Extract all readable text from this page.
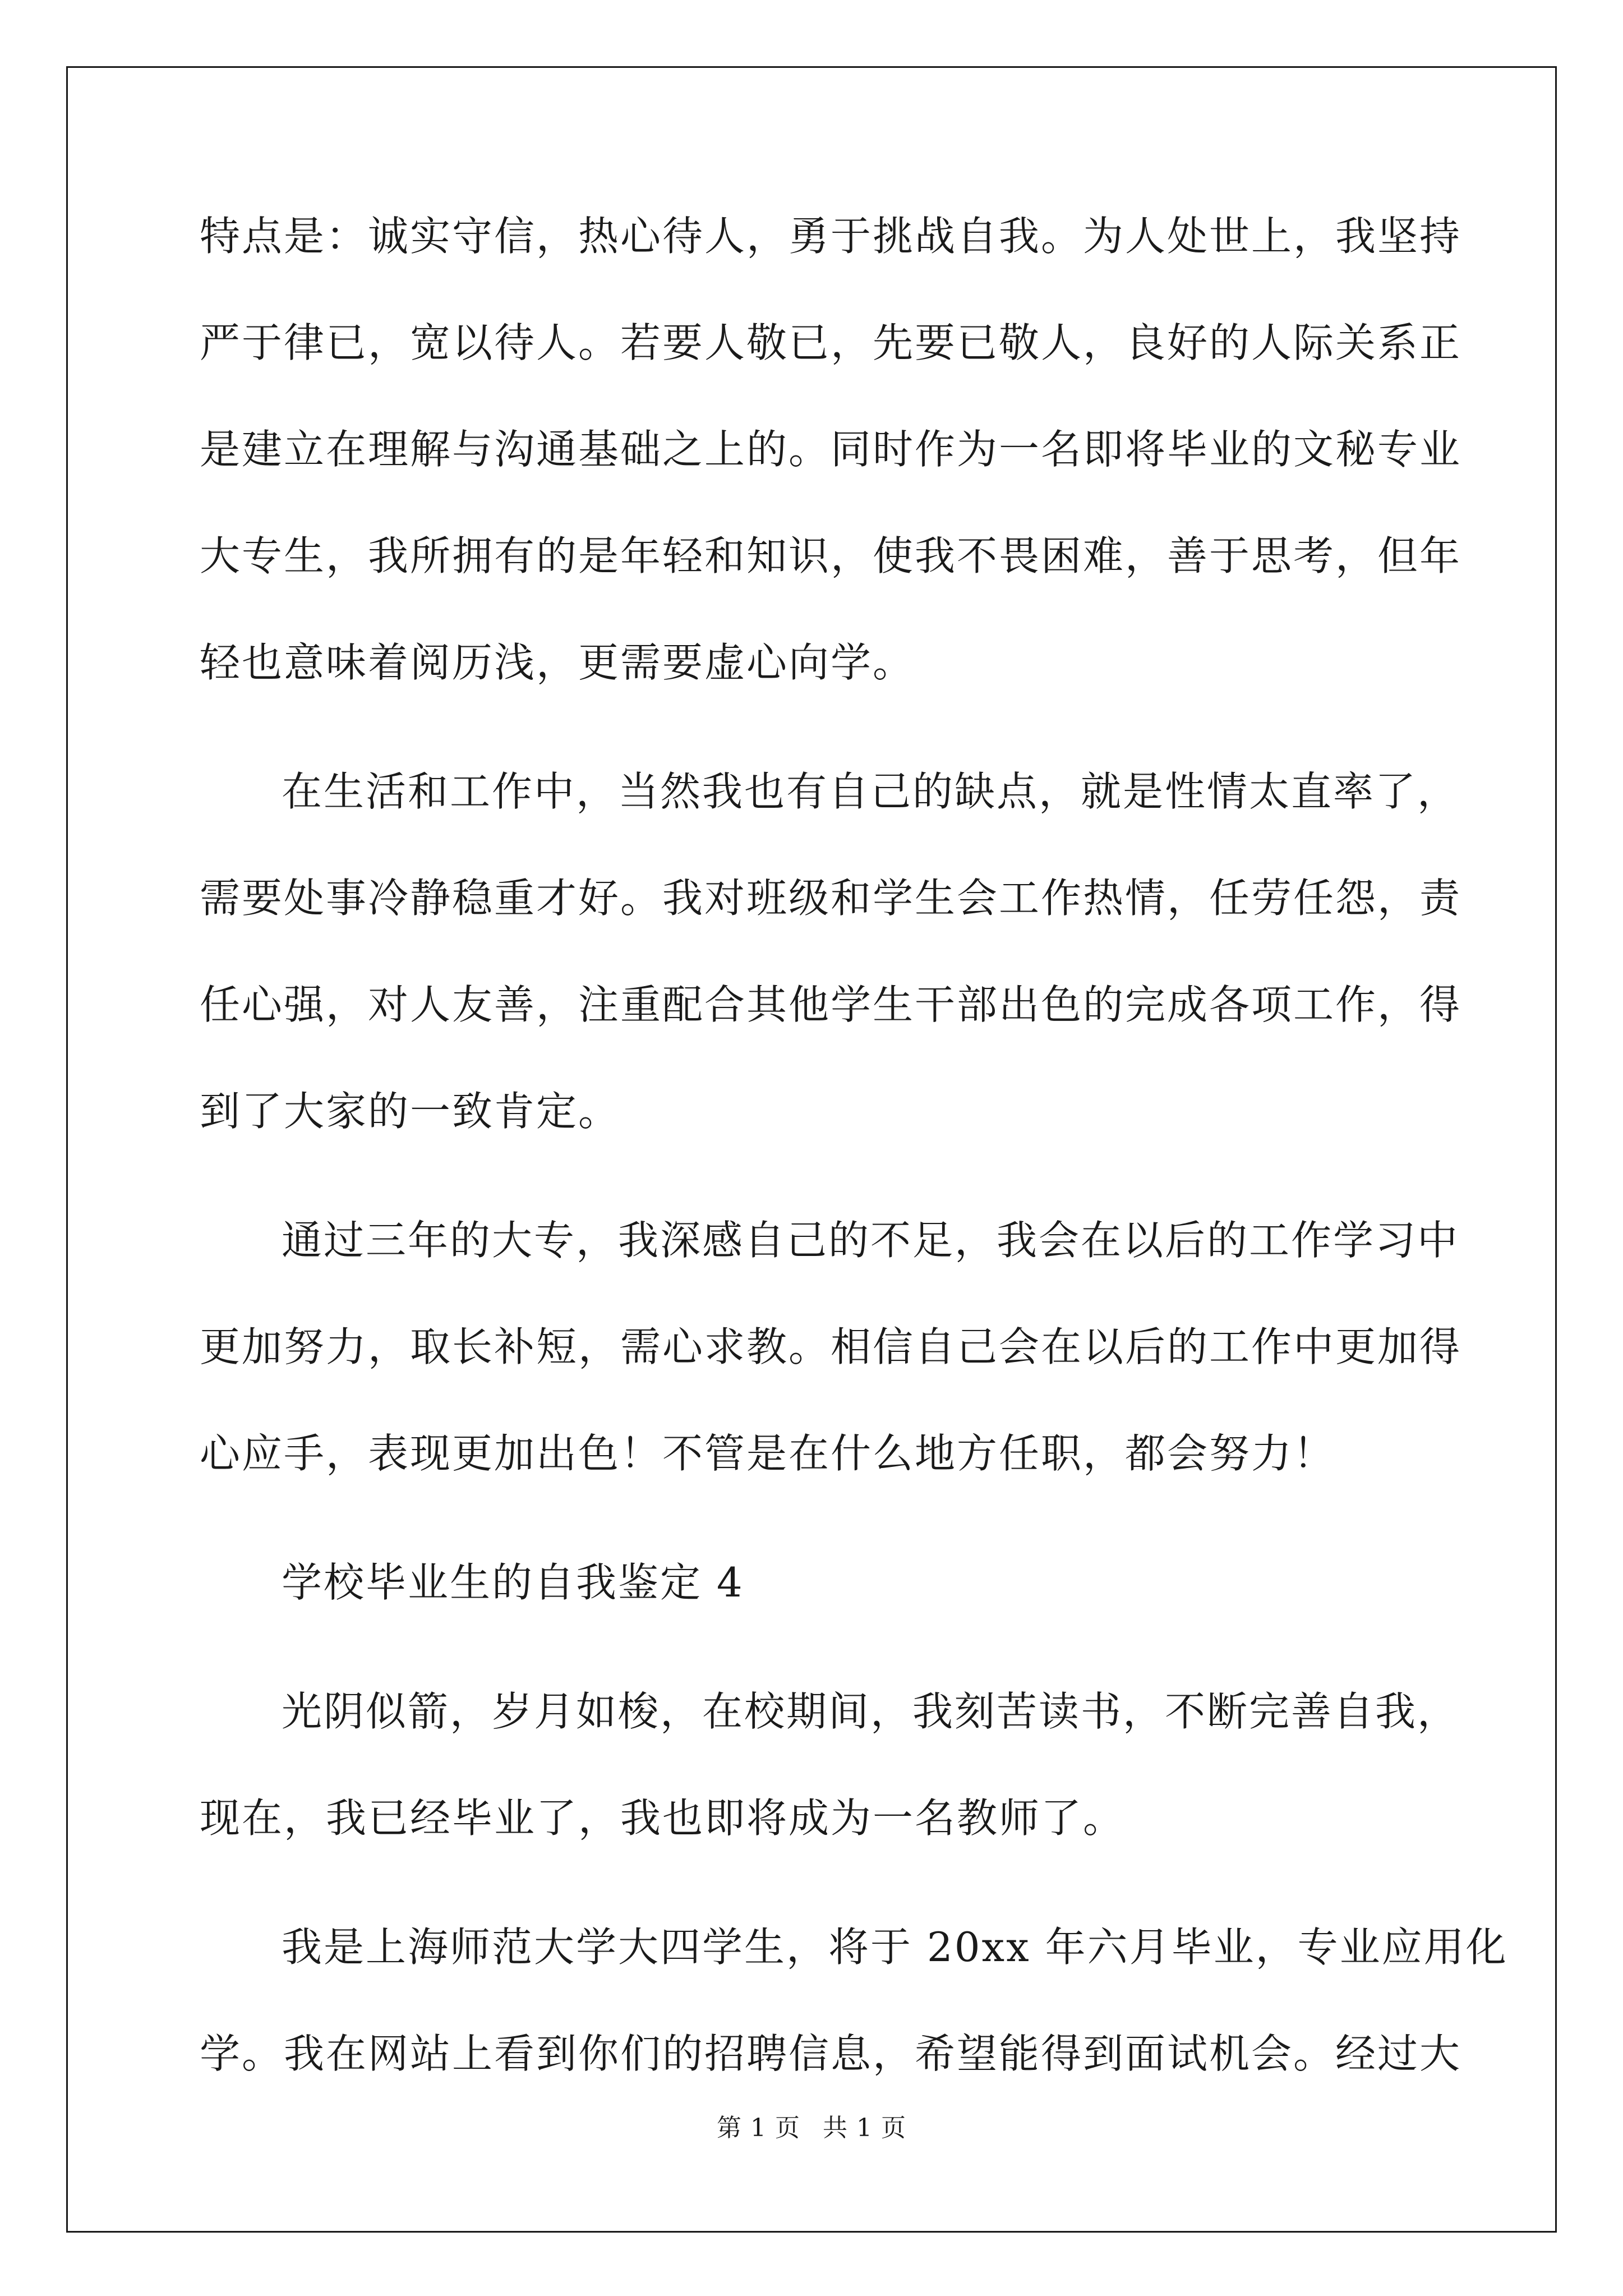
特点是：诚实守信，热心待人，勇于挑战自我。为人处世上，我坚持
严于律已，宽以待人。若要人敬已，先要已敬人，良好的人际关系正
是建立在理解与沟通基础之上的。同时作为一名即将毕业的文秘专业
大专生，我所拥有的是年轻和知识，使我不畏困难，善于思考，但年
轻也意味着阅历浅，更需要虚心向学。
在生活和工作中，当然我也有自己的缺点，就是性情太直率了，
需要处事冷静稳重才好。我对班级和学生会工作热情，任劳任怨，责
任心强，对人友善，注重配合其他学生干部出色的完成各项工作，得
到了大家的一致肯定。
通过三年的大专，我深感自己的不足，我会在以后的工作学习中
更加努力，取长补短，需心求教。相信自己会在以后的工作中更加得
心应手，表现更加出色！不管是在什么地方任职，都会努力！
学校毕业生的自我鉴定 4
光阴似箭，岁月如梭，在校期间，我刻苦读书，不断完善自我，
现在，我已经毕业了，我也即将成为一名教师了。
我是上海师范大学大四学生，将于 20xx 年六月毕业，专业应用化
学。我在网站上看到你们的招聘信息，希望能得到面试机会。经过大
第 1 页 共 1 页
